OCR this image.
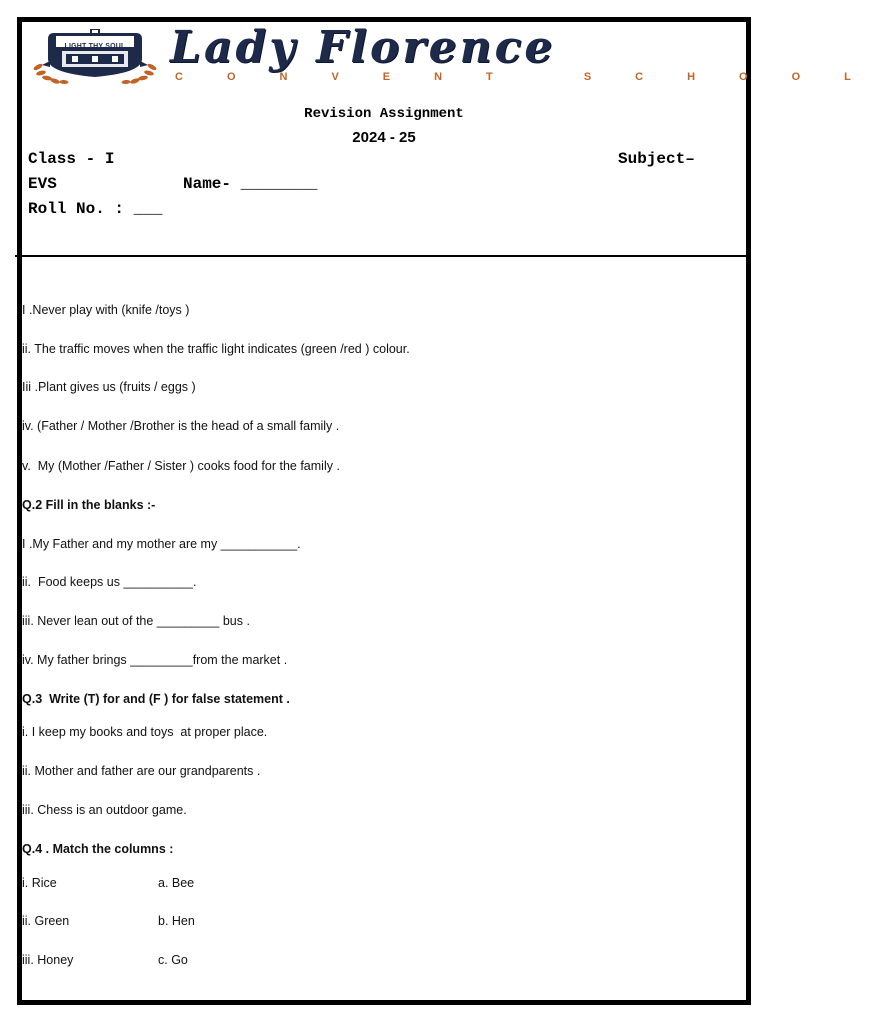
LIGHT THY SOUL Lady Florence
CONVENT SCHOOL
Revision Assignment
2024 - 25
Class - I	Subject–
EVS	Name- ________
Roll No. : ___
I .Never play with (knife /toys )
ii. The traffic moves when the traffic light indicates (green /red ) colour.
Iii .Plant gives us (fruits / eggs )
iv. (Father / Mother /Brother is the head of a small family .
v.  My (Mother /Father / Sister ) cooks food for the family .
Q.2 Fill in the blanks :-
I .My Father and my mother are my ___________.
ii.  Food keeps us __________.
iii. Never lean out of the _________ bus .
iv. My father brings _________from the market .
Q.3  Write (T) for and (F ) for false statement .
i. I keep my books and toys  at proper place.
ii. Mother and father are our grandparents .
iii. Chess is an outdoor game.
Q.4 . Match the columns :
i. Rice	a. Bee
ii. Green	b. Hen
iii. Honey	c. Go
